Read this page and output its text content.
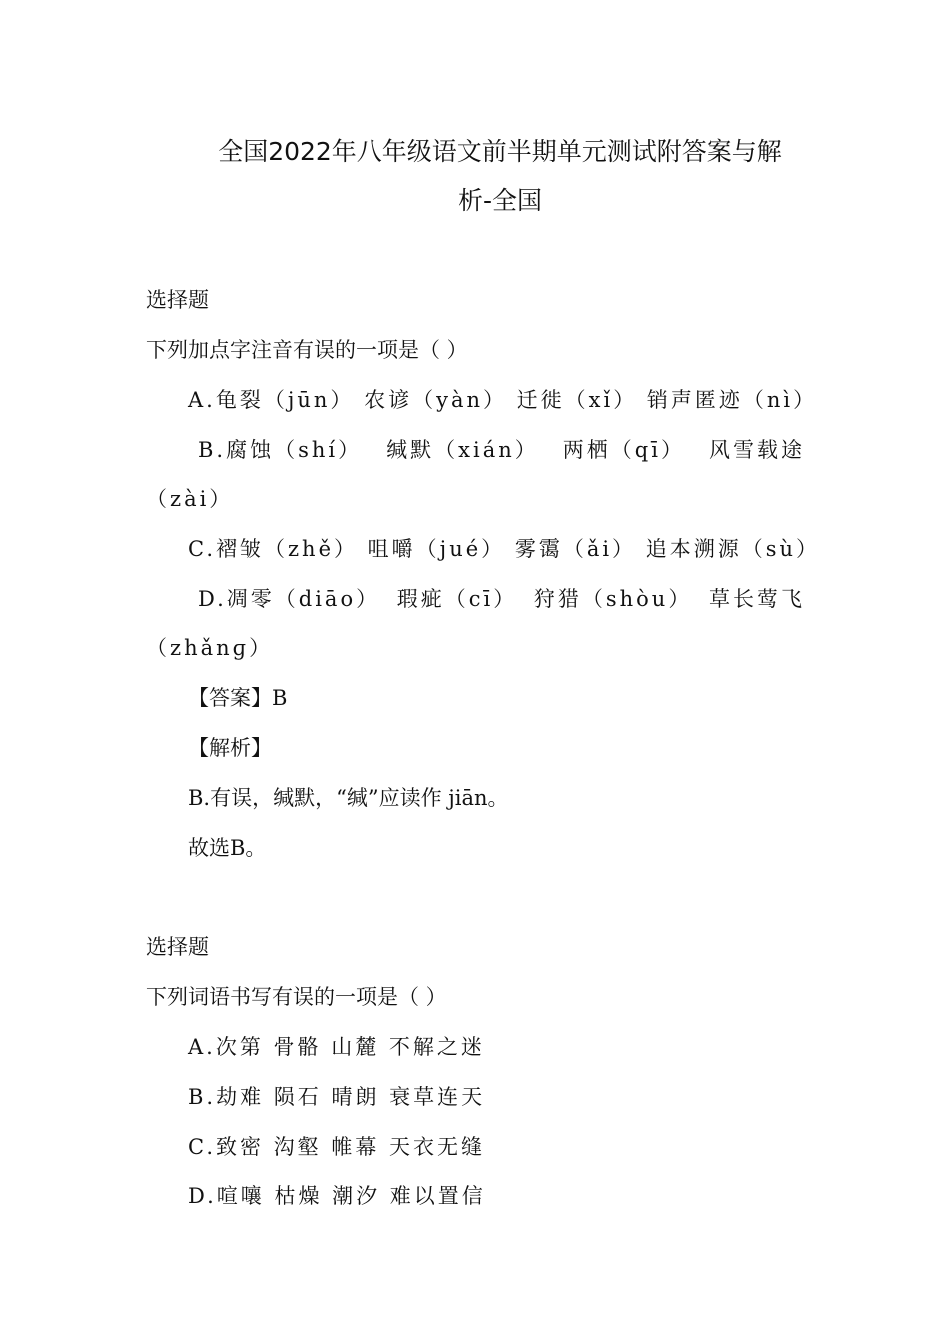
全国2022年八年级语文前半期单元测试附答案与解
析-全国
选择题
下列加点字注音有误的一项是（ ）
A.龟裂（jūn） 农谚（yàn） 迁徙（xǐ） 销声匿迹（nì）
B.腐蚀（shí） 缄默（xián） 两栖（qī） 风雪载途
（zài）
C.褶皱（zhě） 咀嚼（jué） 雾霭（ǎi） 追本溯源（sù）
D.凋零（diāo） 瑕疵（cī） 狩猎（shòu） 草长莺飞
（zhǎnɡ）
【答案】B
【解析】
B.有误，缄默，“缄”应读作 jiān。
故选B。
选择题
下列词语书写有误的一项是（ ）
A.次第 骨骼 山麓 不解之迷
B.劫难 陨石 晴朗 衰草连天
C.致密 沟壑 帷幕 天衣无缝
D.喧嚷 枯燥 潮汐 难以置信
